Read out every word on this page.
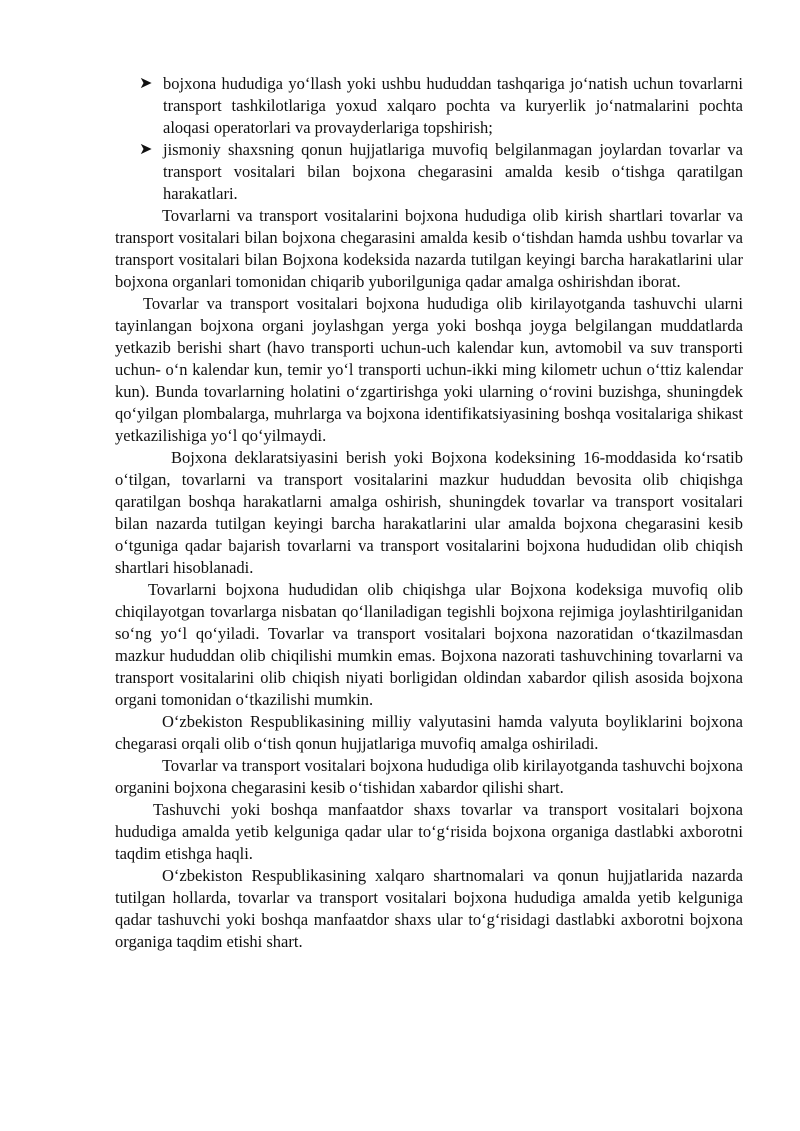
➤ bojxona hududiga yo‘llash yoki ushbu hududdan tashqariga jo‘natish uchun tovarlarni transport tashkilotlariga yoxud xalqaro pochta va kuryerlik jo‘natmalarini pochta aloqasi operatorlari va provayderlariga topshirish;
➤ jismoniy shaxsning qonun hujjatlariga muvofiq belgilanmagan joylardan tovarlar va transport vositalari bilan bojxona chegarasini amalda kesib o‘tishga qaratilgan harakatlari.

Tovarlarni va transport vositalarini bojxona hududiga olib kirish shartlari tovarlar va transport vositalari bilan bojxona chegarasini amalda kesib o‘tishdan hamda ushbu tovarlar va transport vositalari bilan Bojxona kodeksida nazarda tutilgan keyingi barcha harakatlarini ular bojxona organlari tomonidan chiqarib yuborilguniga qadar amalga oshirishdan iborat.

Tovarlar va transport vositalari bojxona hududiga olib kirilayotganda tashuvchi ularni tayinlangan bojxona organi joylashgan yerga yoki boshqa joyga belgilangan muddatlarda yetkazib berishi shart (havo transporti uchun-uch kalendar kun, avtomobil va suv transporti uchun- o‘n kalendar kun, temir yo‘l transporti uchun-ikki ming kilometr uchun o‘ttiz kalendar kun). Bunda tovarlarning holatini o‘zgartirishga yoki ularning o‘rovini buzishga, shuningdek qo‘yilgan plombalarga, muhrlarga va bojxona identifikatsiyasining boshqa vositalariga shikast yetkazilishiga yo‘l qo‘yilmaydi.

Bojxona deklaratsiyasini berish yoki Bojxona kodeksining 16-moddasida ko‘rsatib o‘tilgan, tovarlarni va transport vositalarini mazkur hududdan bevosita olib chiqishga qaratilgan boshqa harakatlarni amalga oshirish, shuningdek tovarlar va transport vositalari bilan nazarda tutilgan keyingi barcha harakatlarini ular amalda bojxona chegarasini kesib o‘tguniga qadar bajarish tovarlarni va transport vositalarini bojxona hududidan olib chiqish shartlari hisoblanadi.

Tovarlarni bojxona hududidan olib chiqishga ular Bojxona kodeksiga muvofiq olib chiqilayotgan tovarlarga nisbatan qo‘llaniladigan tegishli bojxona rejimiga joylashtirilganidan so‘ng yo‘l qo‘yiladi. Tovarlar va transport vositalari bojxona nazoratidan o‘tkazilmasdan mazkur hududdan olib chiqilishi mumkin emas. Bojxona nazorati tashuvchining tovarlarni va transport vositalarini olib chiqish niyati borligidan oldindan xabardor qilish asosida bojxona organi tomonidan o‘tkazilishi mumkin.

O‘zbekiston Respublikasining milliy valyutasini hamda valyuta boyliklarini bojxona chegarasi orqali olib o‘tish qonun hujjatlariga muvofiq amalga oshiriladi.

Tovarlar va transport vositalari bojxona hududiga olib kirilayotganda tashuvchi bojxona organini bojxona chegarasini kesib o‘tishidan xabardor qilishi shart.

Tashuvchi yoki boshqa manfaatdor shaxs tovarlar va transport vositalari bojxona hududiga amalda yetib kelguniga qadar ular to‘g‘risida bojxona organiga dastlabki axborotni taqdim etishga haqli.

O‘zbekiston Respublikasining xalqaro shartnomalari va qonun hujjatlarida nazarda tutilgan hollarda, tovarlar va transport vositalari bojxona hududiga amalda yetib kelguniga qadar tashuvchi yoki boshqa manfaatdor shaxs ular to‘g‘risidagi dastlabki axborotni bojxona organiga taqdim etishi shart.
